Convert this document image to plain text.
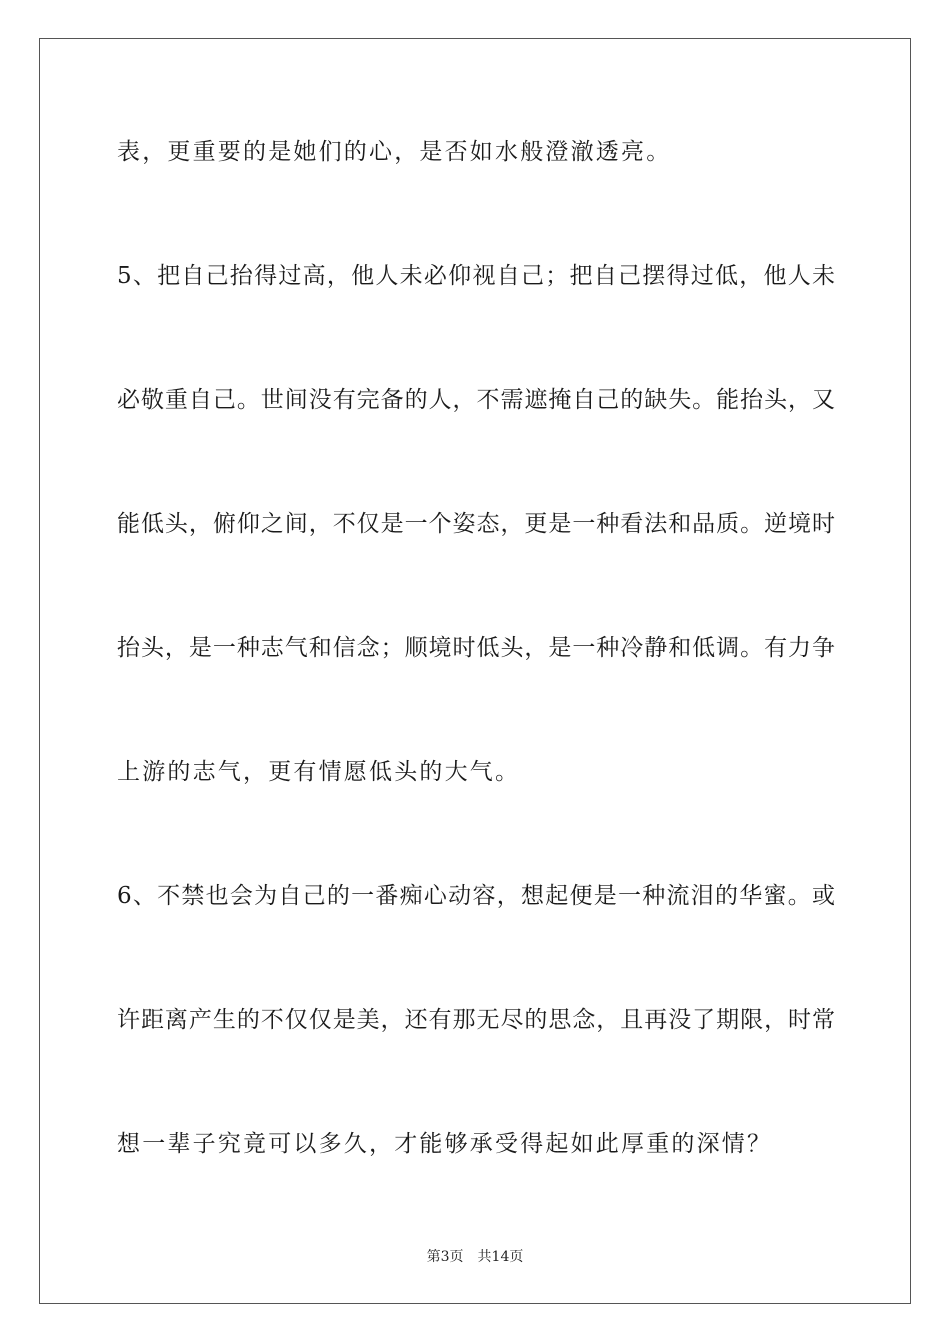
表，更重要的是她们的心，是否如水般澄澈透亮。
5、把自己抬得过高，他人未必仰视自己；把自己摆得过低，他人未
必敬重自己。世间没有完备的人，不需遮掩自己的缺失。能抬头，又
能低头，俯仰之间，不仅是一个姿态，更是一种看法和品质。逆境时
抬头，是一种志气和信念；顺境时低头，是一种冷静和低调。有力争
上游的志气，更有情愿低头的大气。
6、不禁也会为自己的一番痴心动容，想起便是一种流泪的华蜜。或
许距离产生的不仅仅是美，还有那无尽的思念，且再没了期限，时常
想一辈子究竟可以多久，才能够承受得起如此厚重的深情？
第3页 共14页
